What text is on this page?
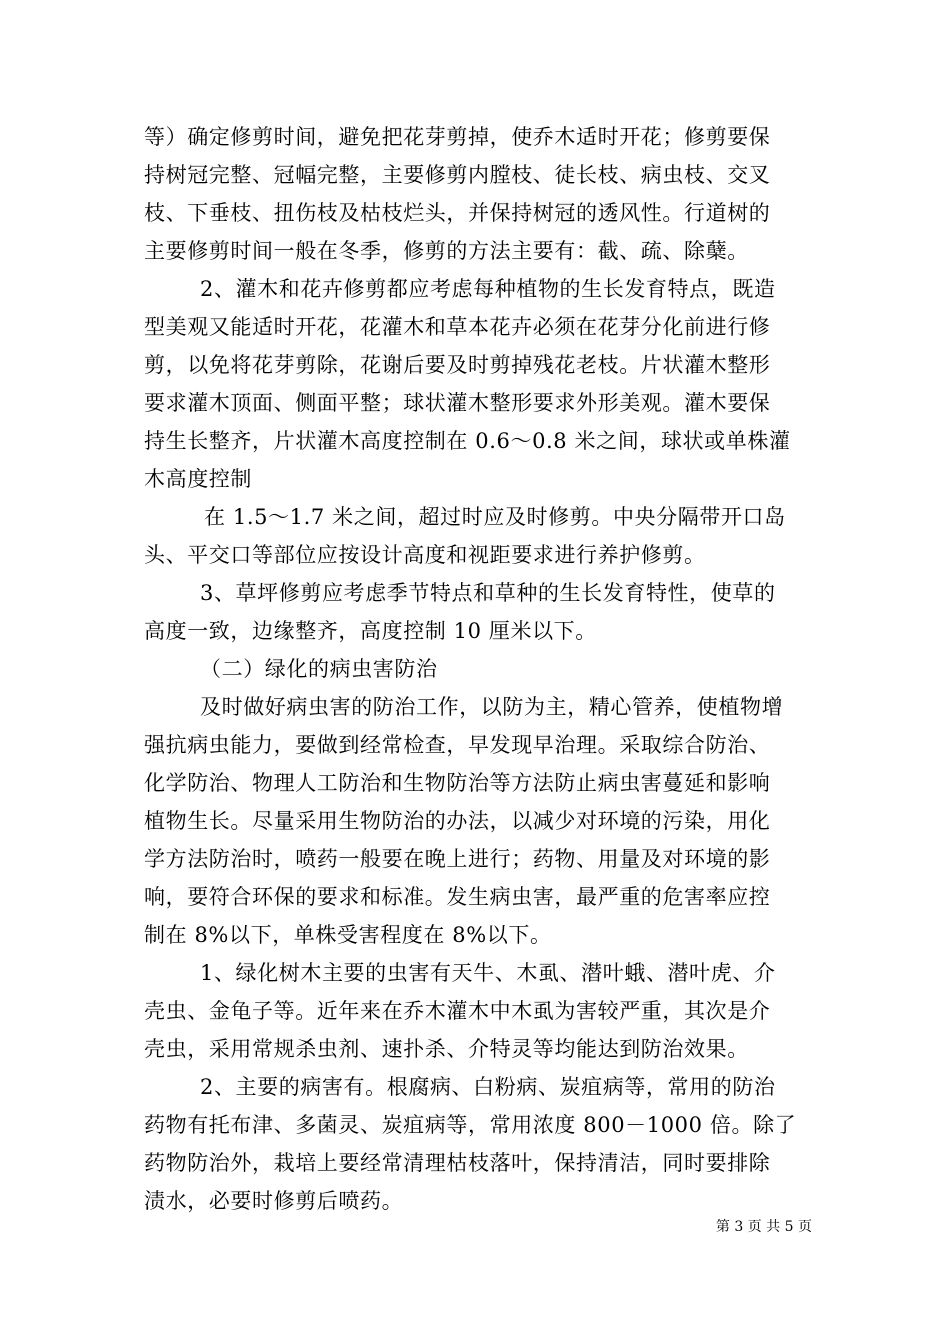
等）确定修剪时间，避免把花芽剪掉，使乔木适时开花；修剪要保
持树冠完整、冠幅完整，主要修剪内膛枝、徒长枝、病虫枝、交叉
枝、下垂枝、扭伤枝及枯枝烂头，并保持树冠的透风性。行道树的
主要修剪时间一般在冬季，修剪的方法主要有：截、疏、除蘖。
2、灌木和花卉修剪都应考虑每种植物的生长发育特点，既造
型美观又能适时开花，花灌木和草本花卉必须在花芽分化前进行修
剪，以免将花芽剪除，花谢后要及时剪掉残花老枝。片状灌木整形
要求灌木顶面、侧面平整；球状灌木整形要求外形美观。灌木要保
持生长整齐，片状灌木高度控制在 0.6～0.8 米之间，球状或单株灌
木高度控制
在 1.5～1.7 米之间，超过时应及时修剪。中央分隔带开口岛
头、平交口等部位应按设计高度和视距要求进行养护修剪。
3、草坪修剪应考虑季节特点和草种的生长发育特性，使草的
高度一致，边缘整齐，高度控制 10 厘米以下。
（二）绿化的病虫害防治
及时做好病虫害的防治工作，以防为主，精心管养，使植物增
强抗病虫能力，要做到经常检查，早发现早治理。采取综合防治、
化学防治、物理人工防治和生物防治等方法防止病虫害蔓延和影响
植物生长。尽量采用生物防治的办法，以减少对环境的污染，用化
学方法防治时，喷药一般要在晚上进行；药物、用量及对环境的影
响，要符合环保的要求和标准。发生病虫害，最严重的危害率应控
制在 8%以下，单株受害程度在 8%以下。
1、绿化树木主要的虫害有天牛、木虱、潜叶蛾、潜叶虎、介
壳虫、金龟子等。近年来在乔木灌木中木虱为害较严重，其次是介
壳虫，采用常规杀虫剂、速扑杀、介特灵等均能达到防治效果。
2、主要的病害有。根腐病、白粉病、炭疽病等，常用的防治
药物有托布津、多菌灵、炭疽病等，常用浓度 800－1000 倍。除了
药物防治外，栽培上要经常清理枯枝落叶，保持清洁，同时要排除
渍水，必要时修剪后喷药。
第 3 页 共 5 页
